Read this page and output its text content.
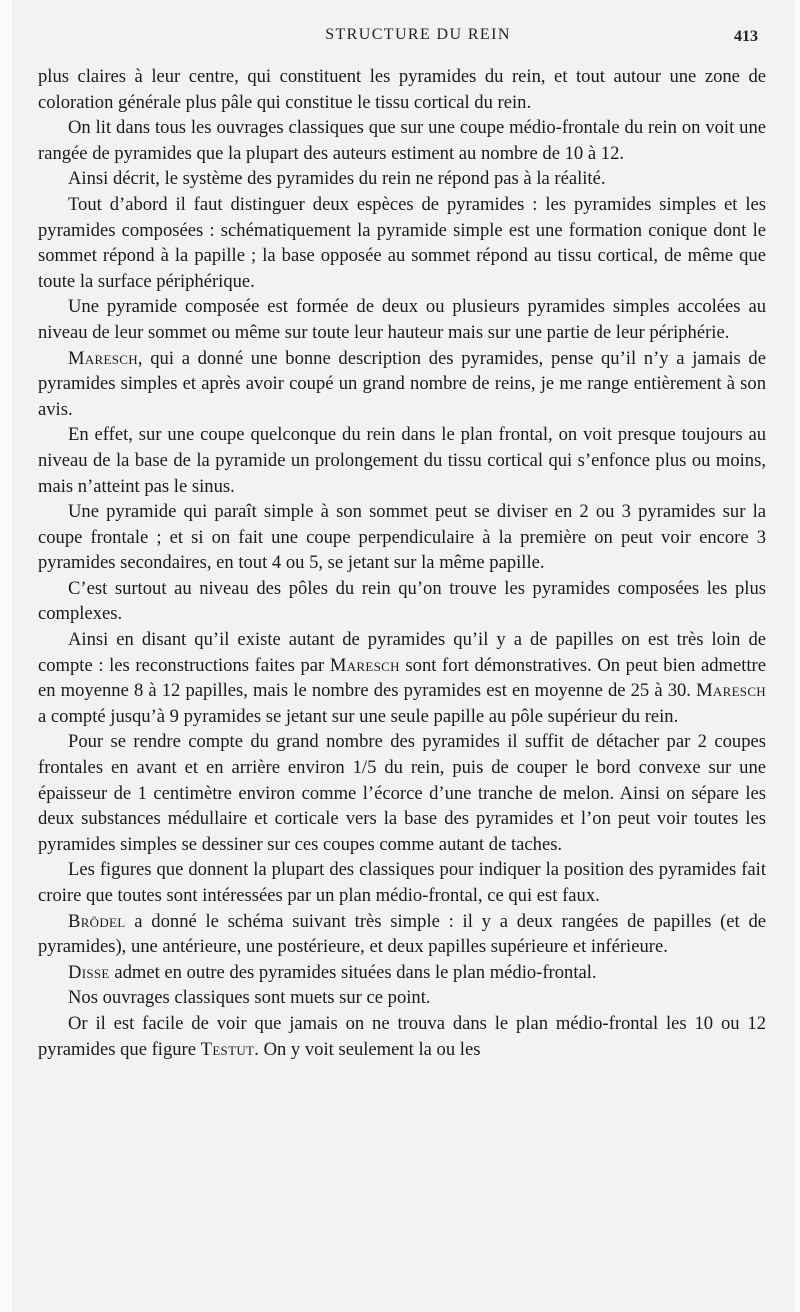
STRUCTURE DU REIN	413

plus claires à leur centre, qui constituent les pyramides du rein, et tout autour une zone de coloration générale plus pâle qui constitue le tissu cortical du rein.

On lit dans tous les ouvrages classiques que sur une coupe médio-frontale du rein on voit une rangée de pyramides que la plupart des auteurs estiment au nombre de 10 à 12.

Ainsi décrit, le système des pyramides du rein ne répond pas à la réalité.

Tout d’abord il faut distinguer deux espèces de pyramides : les pyramides simples et les pyramides composées : schématiquement la pyramide simple est une formation conique dont le sommet répond à la papille ; la base opposée au sommet répond au tissu cortical, de même que toute la surface périphérique.

Une pyramide composée est formée de deux ou plusieurs pyramides simples accolées au niveau de leur sommet ou même sur toute leur hauteur mais sur une partie de leur périphérie.

Maresch, qui a donné une bonne description des pyramides, pense qu’il n’y a jamais de pyramides simples et après avoir coupé un grand nombre de reins, je me range entièrement à son avis.

En effet, sur une coupe quelconque du rein dans le plan frontal, on voit presque toujours au niveau de la base de la pyramide un prolongement du tissu cortical qui s’enfonce plus ou moins, mais n’atteint pas le sinus.

Une pyramide qui paraît simple à son sommet peut se diviser en 2 ou 3 pyramides sur la coupe frontale ; et si on fait une coupe perpendiculaire à la première on peut voir encore 3 pyramides secondaires, en tout 4 ou 5, se jetant sur la même papille.

C’est surtout au niveau des pôles du rein qu’on trouve les pyramides composées les plus complexes.

Ainsi en disant qu’il existe autant de pyramides qu’il y a de papilles on est très loin de compte : les reconstructions faites par Maresch sont fort démonstratives. On peut bien admettre en moyenne 8 à 12 papilles, mais le nombre des pyramides est en moyenne de 25 à 30. Maresch a compté jusqu’à 9 pyramides se jetant sur une seule papille au pôle supérieur du rein.

Pour se rendre compte du grand nombre des pyramides il suffit de détacher par 2 coupes frontales en avant et en arrière environ 1/5 du rein, puis de couper le bord convexe sur une épaisseur de 1 centimètre environ comme l’écorce d’une tranche de melon. Ainsi on sépare les deux substances médullaire et corticale vers la base des pyramides et l’on peut voir toutes les pyramides simples se dessiner sur ces coupes comme autant de taches.

Les figures que donnent la plupart des classiques pour indiquer la position des pyramides fait croire que toutes sont intéressées par un plan médio-frontal, ce qui est faux.

Brödel a donné le schéma suivant très simple : il y a deux rangées de papilles (et de pyramides), une antérieure, une postérieure, et deux papilles supérieure et inférieure.

Disse admet en outre des pyramides situées dans le plan médio-frontal.

Nos ouvrages classiques sont muets sur ce point.

Or il est facile de voir que jamais on ne trouva dans le plan médio-frontal les 10 ou 12 pyramides que figure Testut. On y voit seulement la ou les
